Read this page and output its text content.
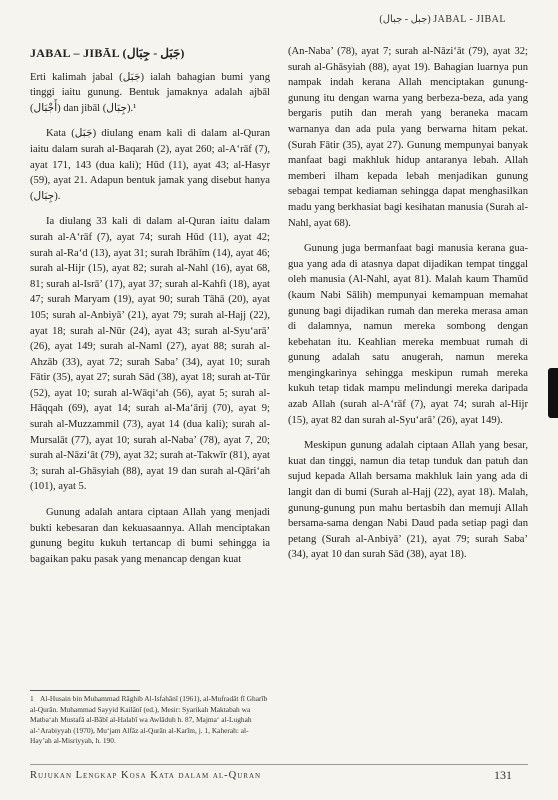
(جبل - جبال) JABAL - JIBAL
JABAL – JIBĀL (جَبَل - جِبَال)

Erti kalimah jabal (جَبَل) ialah bahagian bumi yang tinggi iaitu gunung. Bentuk jamaknya adalah ajbāl (أَجْبَال) dan jibāl (جِبَال).¹

Kata (جَبَل) diulang enam kali di dalam al-Quran iaitu dalam surah al-Baqarah (2), ayat 260; al-A‘rāf (7), ayat 171, 143 (dua kali); Hūd (11), ayat 43; al-Hasyr (59), ayat 21. Adapun bentuk jamak yang disebut hanya (جِبَال).

Ia diulang 33 kali di dalam al-Quran iaitu dalam surah al-A‘rāf (7), ayat 74; surah Hūd (11), ayat 42; surah al-Ra‘d (13), ayat 31; surah Ibrāhīm (14), ayat 46; surah al-Hijr (15), ayat 82; surah al-Nahl (16), ayat 68, 81; surah al-Isrā’ (17), ayat 37; surah al-Kahfi (18), ayat 47; surah Maryam (19), ayat 90; surah Tāhā (20), ayat 105; surah al-Anbiyā’ (21), ayat 79; surah al-Hajj (22), ayat 18; surah al-Nūr (24), ayat 43; surah al-Syu‘arā’ (26), ayat 149; surah al-Naml (27), ayat 88; surah al-Ahzāb (33), ayat 72; surah Saba’ (34), ayat 10; surah Fātir (35), ayat 27; surah Sād (38), ayat 18; surah at-Tūr (52), ayat 10; surah al-Wāqi‘ah (56), ayat 5; surah al-Hāqqah (69), ayat 14; surah al-Ma‘ārij (70), ayat 9; surah al-Muzzammil (73), ayat 14 (dua kali); surah al-Mursalāt (77), ayat 10; surah al-Naba’ (78), ayat 7, 20; surah al-Nāzi‘āt (79), ayat 32; surah at-Takwīr (81), ayat 3; surah al-Ghāsyiah (88), ayat 19 dan surah al-Qāri‘ah (101), ayat 5.

Gunung adalah antara ciptaan Allah yang menjadi bukti kebesaran dan kekuasaannya. Allah menciptakan gunung begitu kukuh tertancap di bumi sehingga ia bagaikan paku pasak yang menancap dengan kuat

(An-Naba’ (78), ayat 7; surah al-Nāzi‘āt (79), ayat 32; surah al-Ghāsyiah (88), ayat 19). Bahagian luarnya pun nampak indah kerana Allah menciptakan gunung-gunung itu dengan warna yang berbeza-beza, ada yang bergaris putih dan merah yang beraneka macam warnanya dan ada pula yang berwarna hitam pekat. (Surah Fātir (35), ayat 27). Gunung mempunyai banyak manfaat bagi makhluk hidup antaranya lebah. Allah memberi ilham kepada lebah menjadikan gunung sebagai tempat kediaman sehingga dapat menghasilkan madu yang berkhasiat bagi kesihatan manusia (Surah al-Nahl, ayat 68).

Gunung juga bermanfaat bagi manusia kerana gua-gua yang ada di atasnya dapat dijadikan tempat tinggal oleh manusia (Al-Nahl, ayat 81). Malah kaum Thamūd (kaum Nabi Sālih) mempunyai kemampuan memahat gunung bagi dijadikan rumah dan mereka merasa aman di dalamnya, namun mereka sombong dengan kebehatan itu. Keahlian mereka membuat rumah di gunung adalah satu anugerah, namun mereka mengingkarinya sehingga meskipun rumah mereka kukuh tetap tidak mampu melindungi mereka daripada azab Allah (surah al-A‘rāf (7), ayat 74; surah al-Hijr (15), ayat 82 dan surah al-Syu‘arā’ (26), ayat 149).

Meskipun gunung adalah ciptaan Allah yang besar, kuat dan tinggi, namun dia tetap tunduk dan patuh dan sujud kepada Allah bersama makhluk lain yang ada di langit dan di bumi (Surah al-Hajj (22), ayat 18). Malah, gunung-gunung pun mahu bertasbih dan memuji Allah bersama-sama dengan Nabi Daud pada setiap pagi dan petang (Surah al-Anbiyā’ (21), ayat 79; surah Saba’ (34), ayat 10 dan surah Sād (38), ayat 18).

1 Al-Husain bin Muhammad Rāghib Al-Isfahānī (1961), al-Mufradāt fī Gharīb al-Qurān. Muhammad Sayyid Kailānī (ed.), Mesir: Syarikah Maktabah wa Matba‘ah Mustafā al-Bābī al-Halabī wa Awlāduh h. 87, Majma‘ al-Lughah al-‘Arabiyyah (1970), Mu‘jam Alfāz al-Qurān al-Karīm, j. 1, Kaherah: al-Hay’ah al-Misriyyah, h. 190.
Rujukan Lengkap Kosa Kata dalam al-Quran	131
